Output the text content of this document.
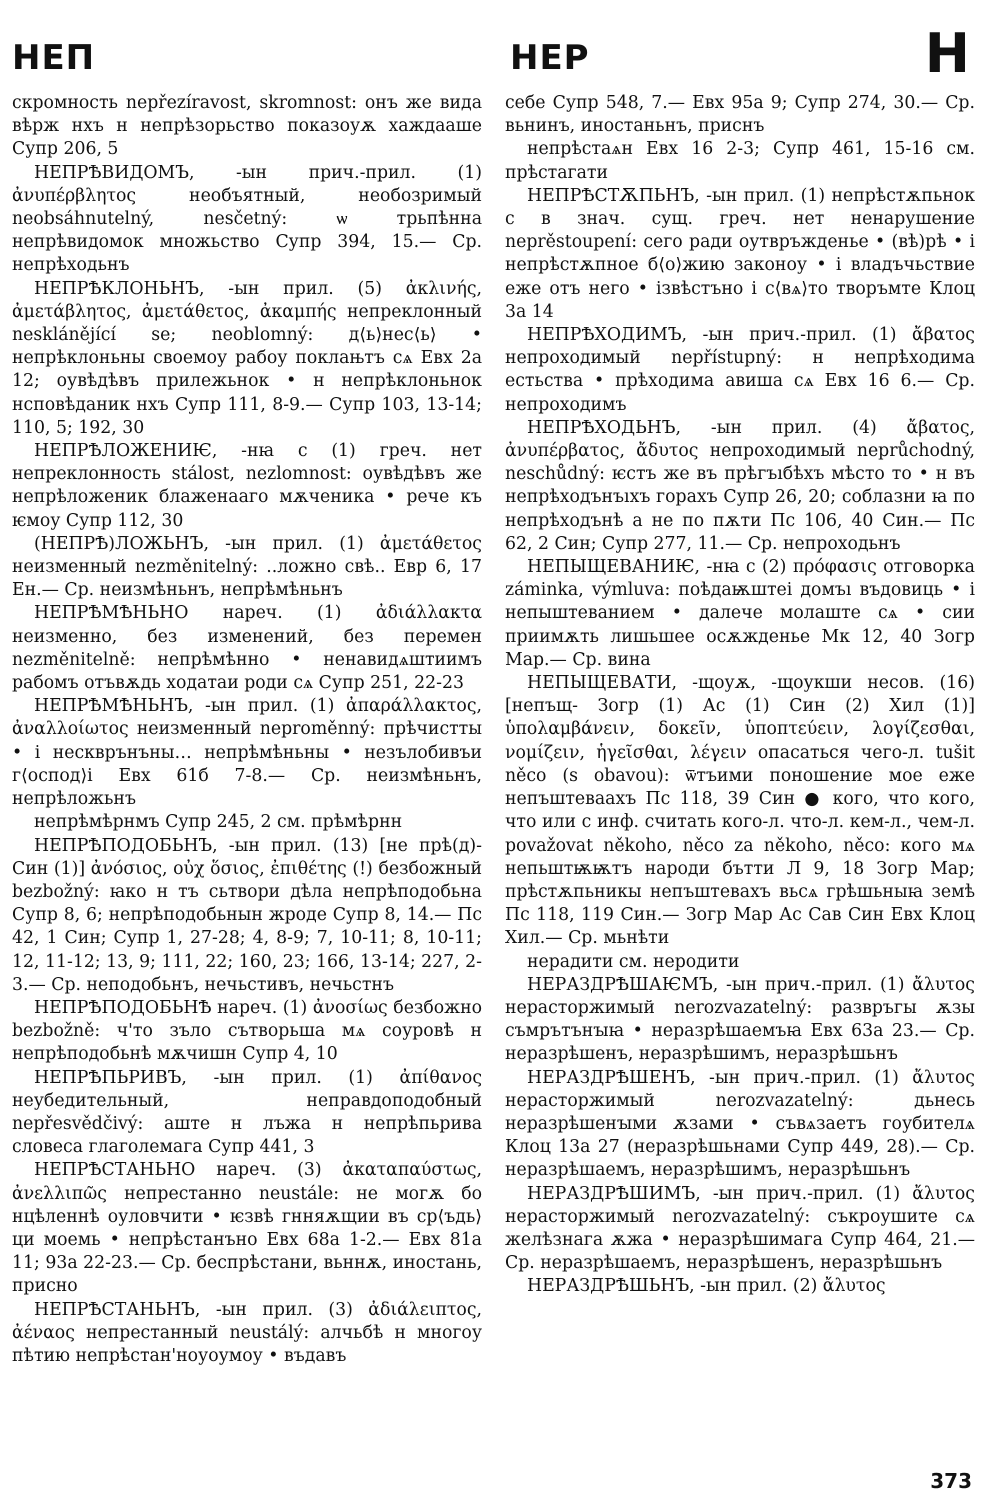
НЕП	НЕР	Н
скромность nepřezíravost, skromnost: онъ же вида вѣрж нхъ н непрѣзорьство показоуѫ хаждааше Супр 206, 5
НЕПРѢВИДОМЪ, -ын прич.-прил. (1) ἀνυπέρβλητος необъятный, необозримый neobsáhnutelný, nesčetný: ѡ трьпѣнна непрѣвидомок множьство Супр 394, 15.— Ср. непрѣходьнъ
НЕПРѢКЛОНЬНЪ, -ын прил. (5) ἀκλινής, ἀμετάβλητος, ἀμετάθετος, ἀκαμπής непреклонный neskláněјící se; neoblomný: д⟨ь⟩нес⟨ь⟩ • непрѣклоньны своемоу рабоу поклањтъ сѧ Евх 2а 12; оувѣдѣвъ прилежьнок • н непрѣклоньнок нсповѣданик нхъ Супр 111, 8-9.— Супр 103, 13-14; 110, 5; 192, 30
НЕПРѢЛОЖЕНИѤ, -нꙗ с (1) греч. нет непреклонность stálost, nezlomnost: оувѣдѣвъ же непрѣложеник блаженааго мѫченика • рече къ ѥмоу Супр 112, 30
(НЕПРѢ)ЛОЖЬНЪ, -ын прил. (1) ἀμετάθετος неизменный nezměnitelný: ..ложно свѣ.. Евр 6, 17 Ен.— Ср. неизмѣньнъ, непрѣмѣньнъ
НЕПРѢМѢНЬНО нареч. (1) ἀδιάλλακτα неизменно, без изменений, без перемен nezměnitelně: непрѣмѣнно • ненавидѧштиимъ рабомъ отъвѫдь ходатаи роди сѧ Супр 251, 22-23
НЕПРѢМѢНЬНЪ, -ын прил. (1) ἀπαράλλακτος, ἀναλλοίωτος неизменный neproměnný: прѣчистты • і нескврънъны… непрѣмѣньны • незълобивъи г⟨оспод⟩і Евх 61б 7-8.— Ср. неизмѣньнъ, непрѣложьнъ
непрѣмѣрнмъ Супр 245, 2 см. прѣмѣрнн
НЕПРѢПОДОБЬНЪ, -ын прил. (13) [не прѣ(д)- Син (1)] ἀνόσιος, οὐχ ὅσιος, ἐπιθέτης (!) безбожный bezbožný: ꙗко н тъ сьтвори дѣла непрѣподобьна Супр 8, 6; непрѣподобьнын жроде Супр 8, 14.— Пс 42, 1 Син; Супр 1, 27-28; 4, 8-9; 7, 10-11; 8, 10-11; 12, 11-12; 13, 9; 111, 22; 160, 23; 166, 13-14; 227, 2-3.— Ср. неподобьнъ, нечьстивъ, нечьстнъ
НЕПРѢПОДОБЬНѢ нареч. (1) ἀνοσίως безбожно bezbožně: ч'то зъло сътворьша мѧ соуровѣ н непрѣподобьнѣ мѫчишн Супр 4, 10
НЕПРѢПЬРИВЪ, -ын прил. (1) ἀπίθανος неубедительный, неправдоподобный nepřesvědčivý: аште н лъжа н непрѣпьрива словеса глаголемага Супр 441, 3
НЕПРѢСТАНЬНО нареч. (3) ἀκαταπαύστως, ἀνελλιπῶς непрестанно neustále: не могѫ бо нцѣленнѣ оуловчити • ѥзвѣ гнняѫщии въ ср⟨ъдь⟩ци моемь • непрѣстанъно Евх 68а 1-2.— Евх 81а 11; 93а 22-23.— Ср. беспрѣстани, вьннѫ, иностань, присно
НЕПРѢСТАНЬНЪ, -ын прил. (3) ἀδιάλειπτος, ἀέναος непрестанный neustálý: алчьбѣ н многоу пѣтию непрѣстан'ноуоумоу • въдавъ
себе Супр 548, 7.— Евх 95а 9; Супр 274, 30.— Ср. вьнинъ, иностаньнъ, приснъ
непрѣстаѧн Евх 16 2-3; Супр 461, 15-16 см. прѣстагати
НЕПРѢСТѪПЬНЪ, -ын прил. (1) непрѣстѫпьнок с в знач. сущ. греч. нет ненарушение neprěstoupení: сего ради оутвръжденье • (вѣ)рѣ • і непрѣстѫпное б⟨о⟩жию законоу • і владъчьствие еже отъ него • ізвѣстъно і с⟨вѧ⟩то творъмте Клоц 3а 14
НЕПРѢХОДИМЪ, -ын прич.-прил. (1) ἄβατος непроходимый nepřístupný: н непрѣходима естьства • прѣходима авиша сѧ Евх 16 6.— Ср. непроходимъ
НЕПРѢХОДЬНЪ, -ын прил. (4) ἄβατος, ἀνυπέρβατος, ἄδυτος непроходимый neprůchodný, neschůdný: ѥстъ же въ прѣгъıбѣхъ мѣсто то • н въ непрѣходънъıхъ горахъ Супр 26, 20; соблазни ꙗ по непрѣходънѣ а не по пѫти Пс 106, 40 Син.— Пс 62, 2 Син; Супр 277, 11.— Ср. непроходьнъ
НЕПЫЩЕВАНИѤ, -нꙗ с (2) πρόφασις отговорка záminka, výmluva: поѣдаѭштеі домъı въдовиць • і непыштеванием • далече молаштe сѧ • сии приимѫть лишьшее осѫжденье Мк 12, 40 Зогр Мар.— Ср. вина
НЕПЫЩЕВАТИ, -щоуѫ, -щоукши несов. (16) [непъщ- Зогр (1) Ас (1) Син (2) Хил (1)] ὑπολαμβάνειν, δοκεῖν, ὑποπτεύειν, λογίζεσθαι, νομίζειν, ἡγεῖσθαι, λέγειν опасаться чего-л. tušit něco (s obavou): ѿтъими поношение мое еже непъштеваахъ Пс 118, 39 Син ● кого, что кого, что или с инф. считать кого-л. что-л. кем-л., чем-л. považovat někoho, něco za někoho, něco: кого мѧ непьштѭѭтъ народи бътти Л 9, 18 Зогр Мар; прѣстѫпьникы непъштевахъ вьсѧ грѣшьныꙗ земѣ Пс 118, 119 Син.— Зогр Мар Ас Сав Син Евх Клоц Хил.— Ср. мьнѣти
нерадити см. неродити
НЕРАЗДРѢШАѤМЪ, -ын прич.-прил. (1) ἄλυτος нерасторжимый nerozvazatelný: развръгы ѫзы съмрътънꙑꙗ • неразрѣшаемъꙗ Евх 63а 23.— Ср. неразрѣшенъ, неразрѣшимъ, неразрѣшьнъ
НЕРАЗДРѢШЕНЪ, -ын прич.-прил. (1) ἄλυτος нерасторжимый nerozvazatelný: дьнесь неразрѣшенꙑми ѫзами • съвѧзаетъ гоубителѧ Клоц 13а 27 (неразрѣшьнами Супр 449, 28).— Ср. неразрѣшаемъ, неразрѣшимъ, неразрѣшьнъ
НЕРАЗДРѢШИМЪ, -ын прич.-прил. (1) ἄλυτος нерасторжимый nerozvazatelný: съкроушите сѧ желѣзнага ѫжа • неразрѣшимага Супр 464, 21.— Ср. неразрѣшаемъ, неразрѣшенъ, неразрѣшьнъ
НЕРАЗДРѢШЬНЪ, -ын прил. (2) ἄλυτος
373
